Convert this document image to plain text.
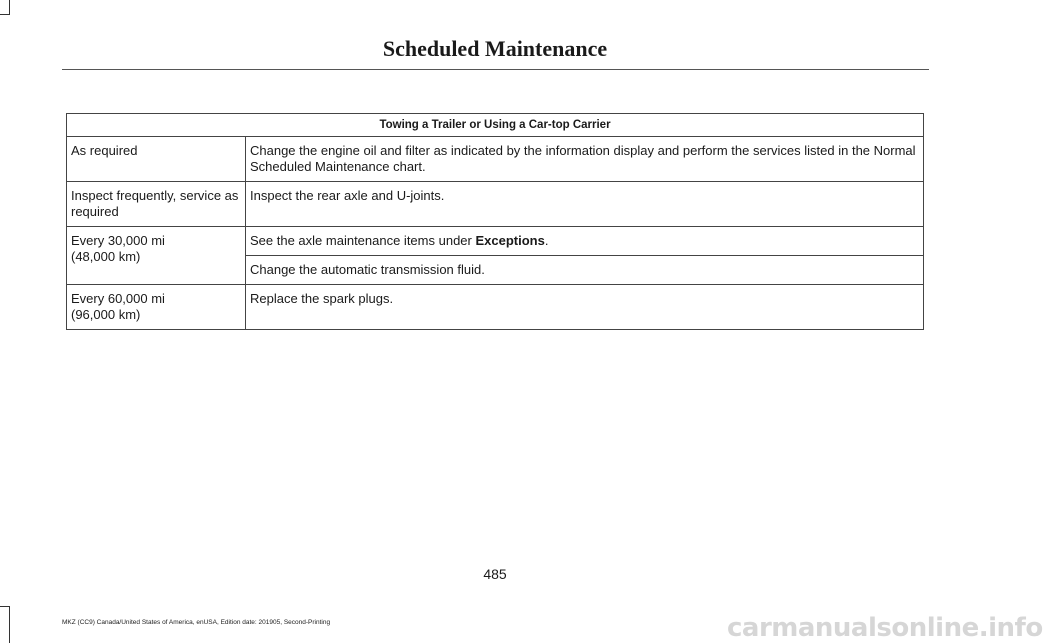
Scheduled Maintenance
Towing a Trailer or Using a Car-top Carrier	
As required	Change the engine oil and filter as indicated by the information display and perform the services listed in the Normal Scheduled Maintenance chart.
Inspect frequently, service as required	Inspect the rear axle and U-joints.
Every 30,000 mi
(48,000 km)	See the axle maintenance items under Exceptions.
	Change the automatic transmission fluid.
Every 60,000 mi
(96,000 km)	Replace the spark plugs.
485
MKZ (CC9) Canada/United States of America, enUSA, Edition date: 201905, Second-Printing	carmanualsonline.info
